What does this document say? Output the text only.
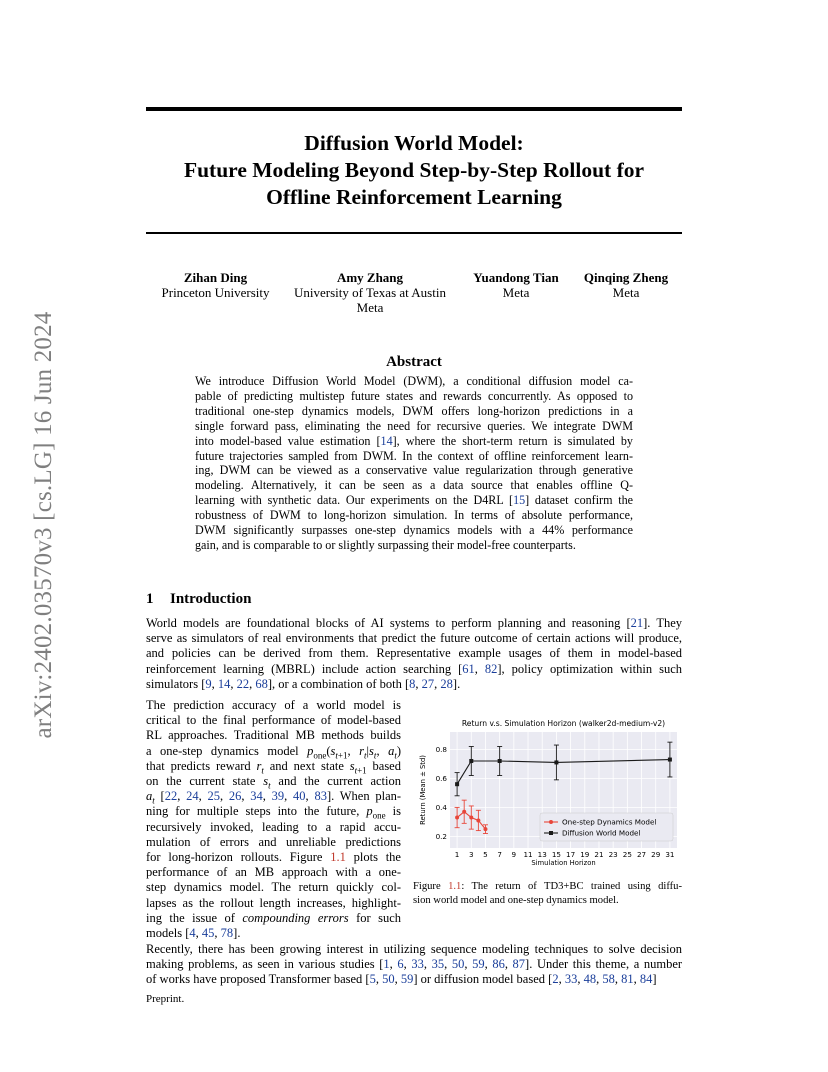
Diffusion World Model:
Future Modeling Beyond Step-by-Step Rollout for
Offline Reinforcement Learning
arXiv:2402.03570v3 [cs.LG] 16 Jun 2024
Zihan Ding
Princeton University
Amy Zhang
University of Texas at Austin
Meta
Yuandong Tian
Meta
Qinqing Zheng
Meta
Abstract
We introduce Diffusion World Model (DWM), a conditional diffusion model ca-
pable of predicting multistep future states and rewards concurrently. As opposed to
traditional one-step dynamics models, DWM offers long-horizon predictions in a
single forward pass, eliminating the need for recursive queries. We integrate DWM
into model-based value estimation [14], where the short-term return is simulated by
future trajectories sampled from DWM. In the context of offline reinforcement learn-
ing, DWM can be viewed as a conservative value regularization through generative
modeling. Alternatively, it can be seen as a data source that enables offline Q-
learning with synthetic data. Our experiments on the D4RL [15] dataset confirm the
robustness of DWM to long-horizon simulation. In terms of absolute performance,
DWM significantly surpasses one-step dynamics models with a 44% performance
gain, and is comparable to or slightly surpassing their model-free counterparts.
1 Introduction
World models are foundational blocks of AI systems to perform planning and reasoning [21]. They
serve as simulators of real environments that predict the future outcome of certain actions will produce,
and policies can be derived from them. Representative example usages of them in model-based
reinforcement learning (MBRL) include action searching [61, 82], policy optimization within such
simulators [9, 14, 22, 68], or a combination of both [8, 27, 28].
The prediction accuracy of a world model is
critical to the final performance of model-based
RL approaches. Traditional MB methods builds
a one-step dynamics model $p_{one}(s_{t+1}$, $r_t|s_t$, $a_t$)
that predicts reward $r_t$ and next state $s_{t+1}$ based
on the current state $s_t$ and the current action
$a_t$ [22, 24, 25, 26, 34, 39, 40, 83]. When plan-
ning for multiple steps into the future, $p_{one}$ is
recursively invoked, leading to a rapid accu-
mulation of errors and unreliable predictions
for long-horizon rollouts. Figure 1.1 plots the
performance of an MB approach with a one-
step dynamics model. The return quickly col-
lapses as the rollout length increases, highlight-
ing the issue of compounding errors for such
models [4, 45, 78].
Return v.s. Simulation Horizon (walker2d-medium-v2)
0.2
0.4
0.6
0.8
1 3 5 7 9 11 13 15 17 19 21 23 25 27 29 31
Simulation Horizon
Return (Mean ± Std)	One-step Dynamics Model
Diffusion World Model
Figure 1.1: The return of TD3+BC trained using diffu-
sion world model and one-step dynamics model.
Recently, there has been growing interest in utilizing sequence modeling techniques to solve decision
making problems, as seen in various studies [1, 6, 33, 35, 50, 59, 86, 87]. Under this theme, a number
of works have proposed Transformer based [5, 50, 59] or diffusion model based [2, 33, 48, 58, 81, 84]
Preprint.
